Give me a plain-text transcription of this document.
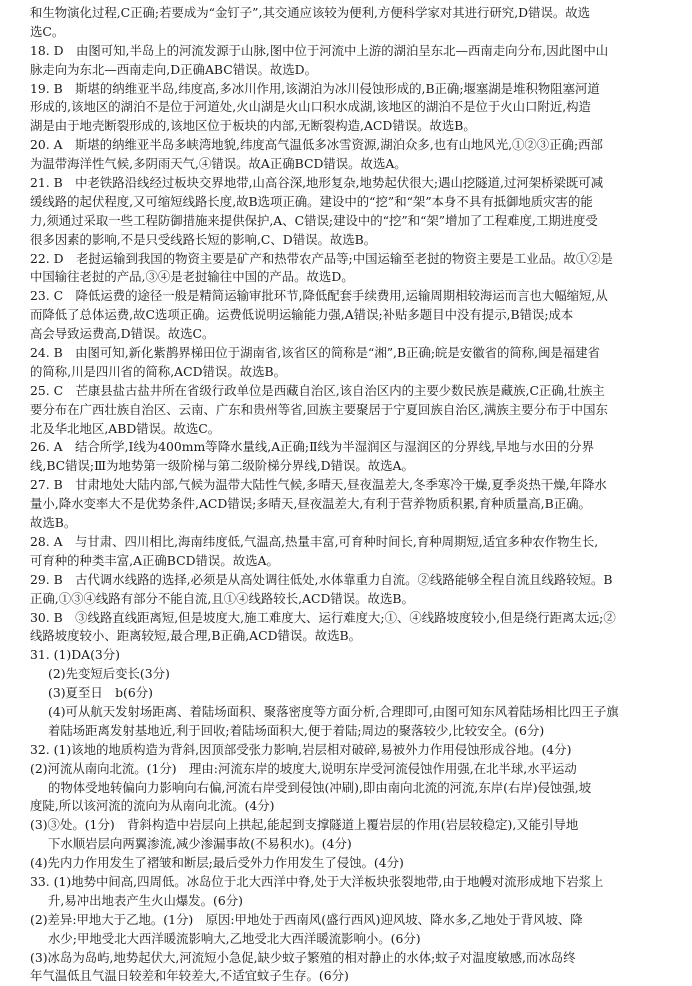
和生物演化过程,C正确;若要成为“金钉子”,其交通应该较为便利,方便科学家对其进行研究,D错误。故选
选C。
18. D　由图可知,半岛上的河流发源于山脉,图中位于河流中上游的湖泊呈东北—西南走向分布,因此图中山
脉走向为东北—西南走向,D正确ABC错误。故选D。
19. B　斯堪的纳维亚半岛,纬度高,多冰川作用,该湖泊为冰川侵蚀形成的,B正确;堰塞湖是堆积物阻塞河道
形成的,该地区的湖泊不是位于河道处,火山湖是火山口积水成湖,该地区的湖泊不是位于火山口附近,构造
湖是由于地壳断裂形成的,该地区位于板块的内部,无断裂构造,ACD错误。故选B。
20. A　斯堪的纳维亚半岛多峡湾地貌,纬度高气温低多冰雪资源,湖泊众多,也有山地风光,①②③正确;西部
为温带海洋性气候,多阴雨天气,④错误。故A正确BCD错误。故选A。
21. B　中老铁路沿线经过板块交界地带,山高谷深,地形复杂,地势起伏很大;遇山挖隧道,过河架桥梁既可减
缓线路的起伏程度,又可缩短线路长度,故B选项正确。建设中的“挖”和“架”本身不具有抵御地质灾害的能
力,须通过采取一些工程防御措施来提供保护,A、C错误;建设中的“挖”和“架”增加了工程难度,工期进度受
很多因素的影响,不是只受线路长短的影响,C、D错误。故选B。
22. D　老挝运输到我国的物资主要是矿产和热带农产品等;中国运输至老挝的物资主要是工业品。故①②是
中国输往老挝的产品,③④是老挝输往中国的产品。故选D。
23. C　降低运费的途径一般是精简运输审批环节,降低配套手续费用,运输周期相较海运而言也大幅缩短,从
而降低了总体运费,故C选项正确。运费低说明运输能力强,A错误;补贴多题目中没有提示,B错误;成本
高会导致运费高,D错误。故选C。
24. B　由图可知,新化紫鹊界梯田位于湖南省,该省区的简称是“湘”,B正确;皖是安徽省的简称,闽是福建省
的简称,川是四川省的简称,ACD错误。故选B。
25. C　芒康县盐古盐井所在省级行政单位是西藏自治区,该自治区内的主要少数民族是藏族,C正确,壮族主
要分布在广西壮族自治区、云南、广东和贵州等省,回族主要聚居于宁夏回族自治区,满族主要分布于中国东
北及华北地区,ABD错误。故选C。
26. A　结合所学,Ⅰ线为400mm等降水量线,A正确;Ⅱ线为半湿润区与湿润区的分界线,旱地与水田的分界
线,BC错误;Ⅲ为地势第一级阶梯与第二级阶梯分界线,D错误。故选A。
27. B　甘肃地处大陆内部,气候为温带大陆性气候,多晴天,昼夜温差大,冬季寒冷干燥,夏季炎热干燥,年降水
量小,降水变率大不是优势条件,ACD错误;多晴天,昼夜温差大,有利于营养物质积累,育种质量高,B正确。
故选B。
28. A　与甘肃、四川相比,海南纬度低,气温高,热量丰富,可育种时间长,育种周期短,适宜多种农作物生长,
可育种的种类丰富,A正确BCD错误。故选A。
29. B　古代调水线路的选择,必须是从高处调往低处,水体靠重力自流。②线路能够全程自流且线路较短。B
正确,①③④线路有部分不能自流,且①④线路较长,ACD错误。故选B。
30. B　③线路直线距离短,但是坡度大,施工难度大、运行难度大;①、④线路坡度较小,但是绕行距离太远;②
线路坡度较小、距离较短,最合理,B正确,ACD错误。故选B。
31. (1)DA(3分)
(2)先变短后变长(3分)
(3)夏至日　b(6分)
(4)可从航天发射场距离、着陆场面积、聚落密度等方面分析,合理即可,由图可知东风着陆场相比四王子旗
着陆场距离发射基地近,利于回收;着陆场面积大,便于着陆;周边的聚落较少,比较安全。(6分)
32. (1)该地的地质构造为背斜,因顶部受张力影响,岩层相对破碎,易被外力作用侵蚀形成谷地。(4分)
(2)河流从南向北流。(1分)　理由:河流东岸的坡度大,说明东岸受河流侵蚀作用强,在北半球,水平运动
的物体受地转偏向力影响向右偏,河流右岸受到侵蚀(冲刷),即由南向北流的河流,东岸(右岸)侵蚀强,坡
度陡,所以该河流的流向为从南向北流。(4分)
(3)③处。(1分)　背斜构造中岩层向上拱起,能起到支撑隧道上覆岩层的作用(岩层较稳定),又能引导地
下水顺岩层向两翼渗流,减少渗漏事故(不易积水)。(4分)
(4)先内力作用发生了褶皱和断层;最后受外力作用发生了侵蚀。(4分)
33. (1)地势中间高,四周低。冰岛位于北大西洋中脊,处于大洋板块张裂地带,由于地幔对流形成地下岩浆上
升,易冲出地表产生火山爆发。(6分)
(2)差异:甲地大于乙地。(1分)　原因:甲地处于西南风(盛行西风)迎风坡、降水多,乙地处于背风坡、降
水少;甲地受北大西洋暖流影响大,乙地受北大西洋暖流影响小。(6分)
(3)冰岛为岛屿,地势起伏大,河流短小急促,缺少蚊子繁殖的相对静止的水体;蚊子对温度敏感,而冰岛终
年气温低且气温日较差和年较差大,不适宜蚊子生存。(6分)
